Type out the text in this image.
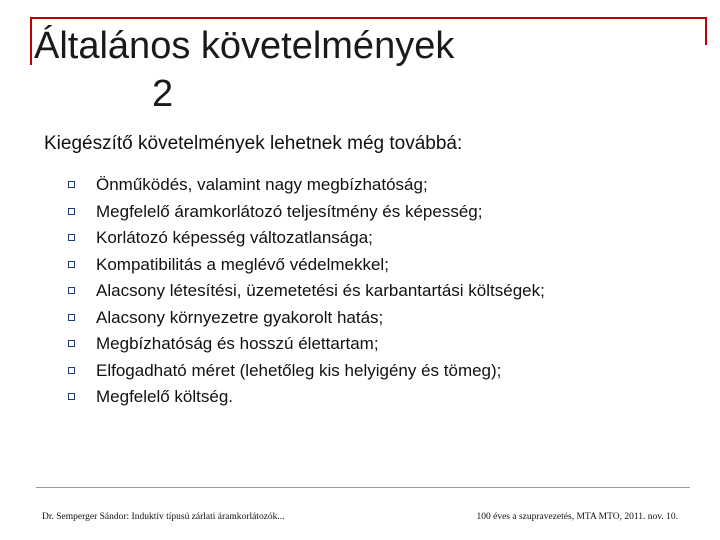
Általános követelmények
2
Kiegészítő követelmények lehetnek még továbbá:
Önműködés, valamint nagy megbízhatóság;
Megfelelő áramkorlátozó teljesítmény és képesség;
Korlátozó képesség változatlansága;
Kompatibilitás a meglévő védelmekkel;
Alacsony létesítési, üzemetetési és karbantartási költségek;
Alacsony környezetre gyakorolt hatás;
Megbízhatóság és hosszú élettartam;
Elfogadható méret (lehetőleg kis helyigény és tömeg);
Megfelelő költség.
Dr. Semperger Sándor: Induktív típusú zárlati áramkorlátozók...	100 éves a szupravezetés, MTA MTO, 2011. nov. 10.
